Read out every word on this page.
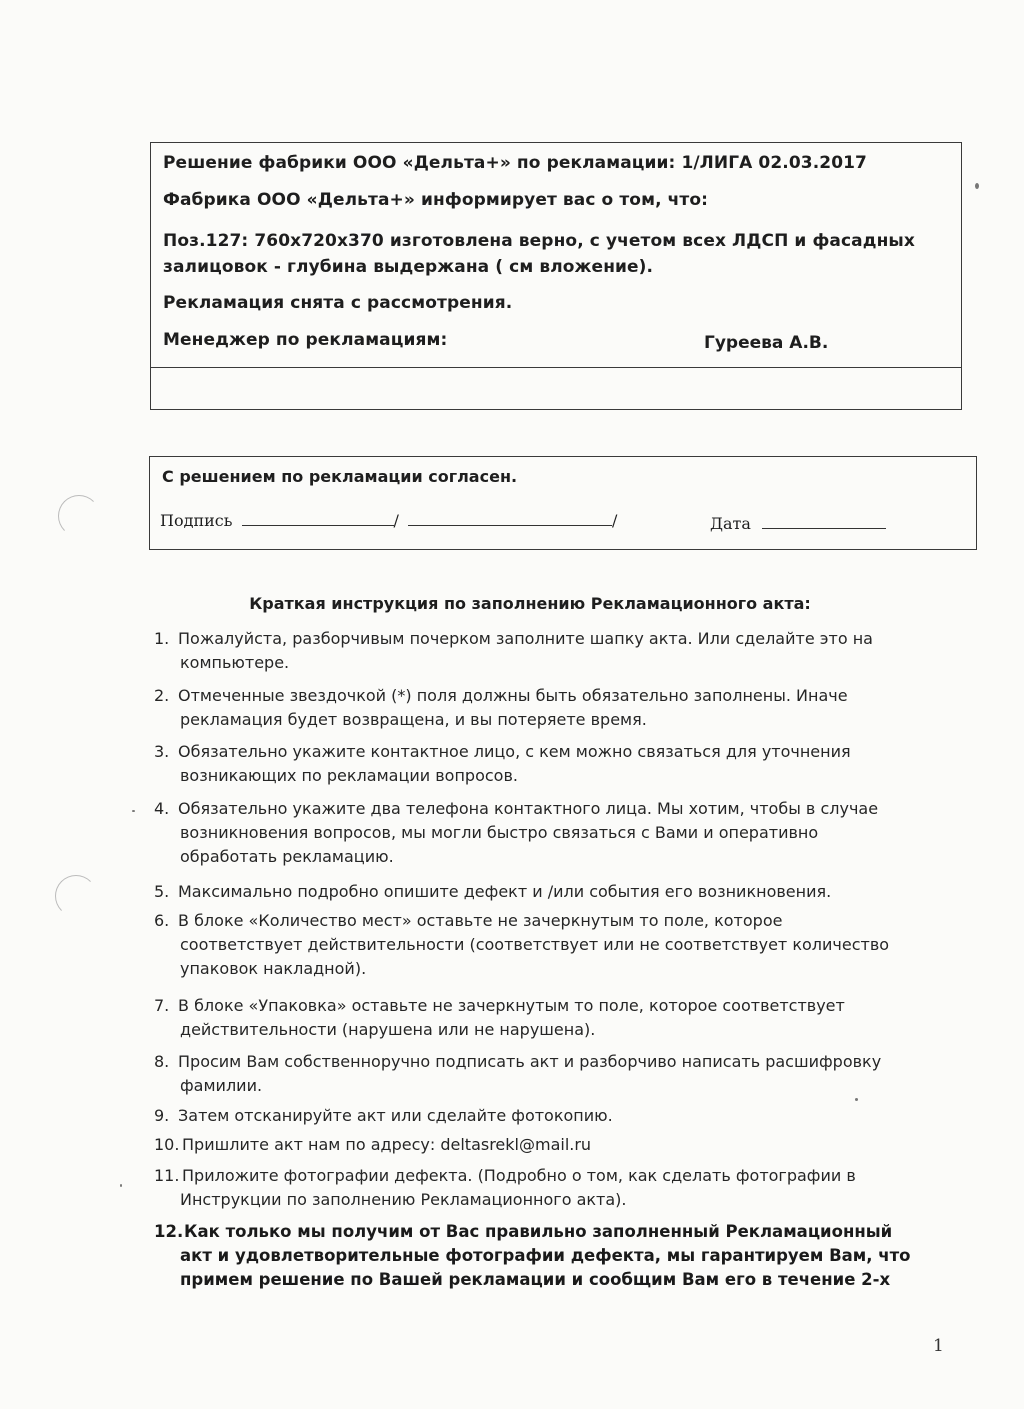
Решение фабрики ООО «Дельта+» по рекламации: 1/ЛИГА 02.03.2017
Фабрика ООО «Дельта+» информирует вас о том, что:
Поз.127: 760x720x370 изготовлена верно, с учетом всех ЛДСП и фасадных
залицовок - глубина выдержана ( см вложение).
Рекламация снята с рассмотрения.
Менеджер по рекламациям:	Гуреева А.В.
С решением по рекламации согласен.
Подпись	/	/	Дата
Краткая инструкция по заполнению Рекламационного акта:
1. Пожалуйста, разборчивым почерком заполните шапку акта. Или сделайте это на
компьютере.
2. Отмеченные звездочкой (*) поля должны быть обязательно заполнены. Иначе
рекламация будет возвращена, и вы потеряете время.
3. Обязательно укажите контактное лицо, с кем можно связаться для уточнения
возникающих по рекламации вопросов.
4. Обязательно укажите два телефона контактного лица. Мы хотим, чтобы в случае
возникновения вопросов, мы могли быстро связаться с Вами и оперативно
обработать рекламацию.
5. Максимально подробно опишите дефект и /или события его возникновения.
6. В блоке «Количество мест» оставьте не зачеркнутым то поле, которое
соответствует действительности (соответствует или не соответствует количество
упаковок накладной).
7. В блоке «Упаковка» оставьте не зачеркнутым то поле, которое соответствует
действительности (нарушена или не нарушена).
8. Просим Вам собственноручно подписать акт и разборчиво написать расшифровку
фамилии.
9. Затем отсканируйте акт или сделайте фотокопию.
10. Пришлите акт нам по адресу: deltasrekl@mail.ru
11. Приложите фотографии дефекта. (Подробно о том, как сделать фотографии в
Инструкции по заполнению Рекламационного акта).
12.Как только мы получим от Вас правильно заполненный Рекламационный
акт и удовлетворительные фотографии дефекта, мы гарантируем Вам, что
примем решение по Вашей рекламации и сообщим Вам его в течение 2-х
1
